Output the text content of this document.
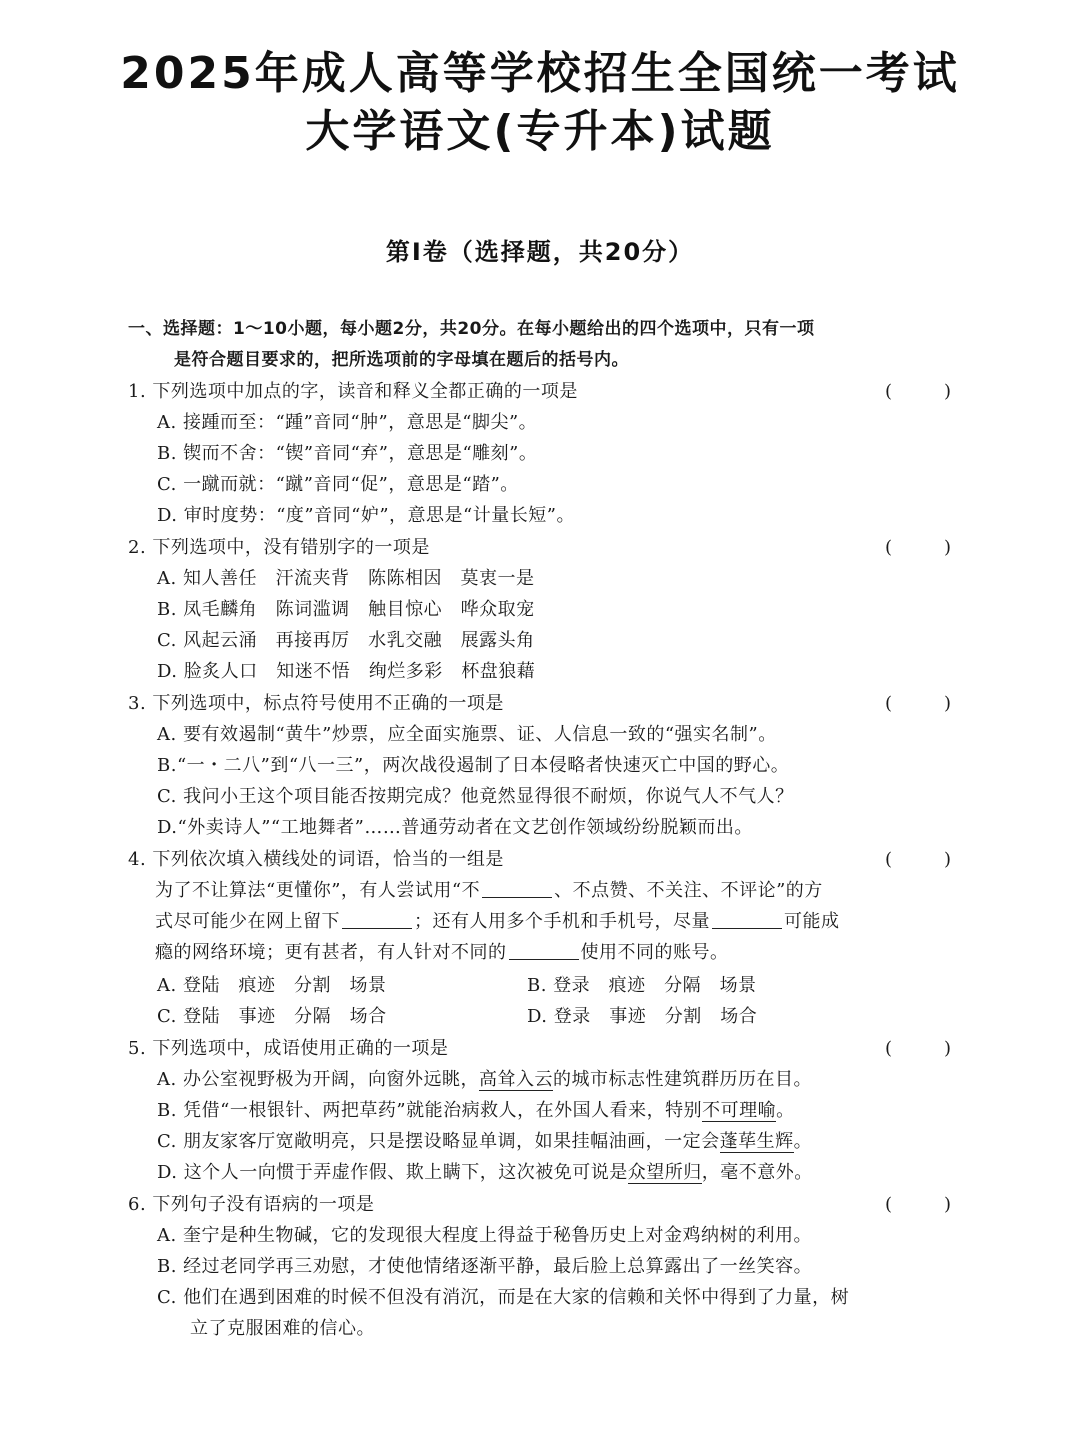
2025年成人高等学校招生全国统一考试
大学语文(专升本)试题
第Ⅰ卷（选择题，共20分）
一、选择题：1～10小题，每小题2分，共20分。在每小题给出的四个选项中，只有一项
是符合题目要求的，把所选项前的字母填在题后的括号内。
1. 下列选项中加点的字，读音和释义全都正确的一项是	(	)
A. 接踵而至：“踵”音同“肿”，意思是“脚尖”。
B. 锲而不舍：“锲”音同“弃”，意思是“雕刻”。
C. 一蹴而就：“蹴”音同“促”，意思是“踏”。
D. 审时度势：“度”音同“妒”，意思是“计量长短”。
2. 下列选项中，没有错别字的一项是	(	)
A. 知人善任　汗流夹背　陈陈相因　莫衷一是
B. 凤毛麟角　陈词滥调　触目惊心　哗众取宠
C. 风起云涌　再接再厉　水乳交融　展露头角
D. 脸炙人口　知迷不悟　绚烂多彩　杯盘狼藉
3. 下列选项中，标点符号使用不正确的一项是	(	)
A. 要有效遏制“黄牛”炒票，应全面实施票、证、人信息一致的“强实名制”。
B.“一・二八”到“八一三”，两次战役遏制了日本侵略者快速灭亡中国的野心。
C. 我问小王这个项目能否按期完成？他竟然显得很不耐烦，你说气人不气人？
D.“外卖诗人”“工地舞者”……普通劳动者在文艺创作领域纷纷脱颖而出。
4. 下列依次填入横线处的词语，恰当的一组是	(	)
为了不让算法“更懂你”，有人尝试用“不	、不点赞、不关注、不评论”的方
式尽可能少在网上留下	；还有人用多个手机和手机号，尽量	可能成
瘾的网络环境；更有甚者，有人针对不同的	使用不同的账号。
A. 登陆　痕迹　分割　场景	B. 登录　痕迹　分隔　场景
C. 登陆　事迹　分隔　场合	D. 登录　事迹　分割　场合
5. 下列选项中，成语使用正确的一项是	(	)
A. 办公室视野极为开阔，向窗外远眺，高耸入云的城市标志性建筑群历历在目。
B. 凭借“一根银针、两把草药”就能治病救人，在外国人看来，特别不可理喻。
C. 朋友家客厅宽敞明亮，只是摆设略显单调，如果挂幅油画，一定会蓬荜生辉。
D. 这个人一向惯于弄虚作假、欺上瞒下，这次被免可说是众望所归，毫不意外。
6. 下列句子没有语病的一项是	(	)
A. 奎宁是种生物碱，它的发现很大程度上得益于秘鲁历史上对金鸡纳树的利用。
B. 经过老同学再三劝慰，才使他情绪逐渐平静，最后脸上总算露出了一丝笑容。
C. 他们在遇到困难的时候不但没有消沉，而是在大家的信赖和关怀中得到了力量，树
立了克服困难的信心。
